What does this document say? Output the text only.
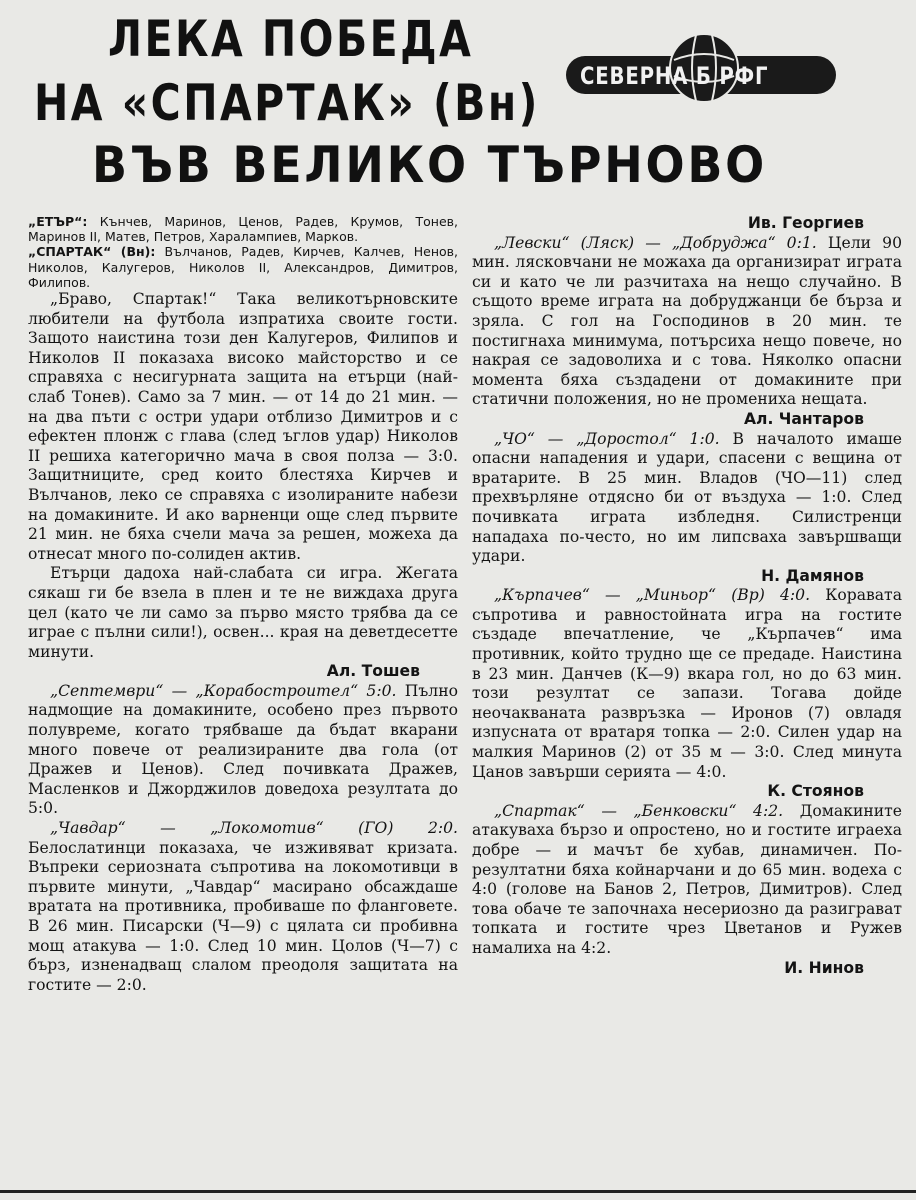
ЛЕКА ПОБЕДА
НА «СПАРТАК» (Вн)
ВЪВ ВЕЛИКО ТЪРНОВО
СЕВЕРНА Б РФГ

„ЕТЪР“: Кънчев, Маринов, Ценов, Радев, Крумов, Тонев, Маринов II, Матев, Петров, Харалампиев, Марков.

„СПАРТАК“ (Вн): Вълчанов, Радев, Кирчев, Калчев, Ненов, Николов, Калугеров, Николов II, Александров, Димитров, Филипов.

„Браво, Спартак!“ Така великотърновските любители на футбола изпратиха своите гости. Защото наистина този ден Калугеров, Филипов и Николов II показаха високо майсторство и се справяха с несигурната защита на етърци (най-слаб Тонев). Само за 7 мин. — от 14 до 21 мин. — на два пъти с остри удари отблизо Димитров и с ефектен плонж с глава (след ъглов удар) Николов II решиха категорично мача в своя полза — 3:0. Защитниците, сред които блестяха Кирчев и Вълчанов, леко се справяха с изолираните набези на домакините. И ако варненци още след първите 21 мин. не бяха счели мача за решен, можеха да отнесат много по-солиден актив.

Етърци дадоха най-слабата си игра. Жегата сякаш ги бе взела в плен и те не виждаха друга цел (като че ли само за първо място трябва да се играе с пълни сили!), освен... края на деветдесетте минути.

Ал. Тошев

„Септември“ — „Корабостроител“ 5:0. Пълно надмощие на домакините, особено през първото полувреме, когато трябваше да бъдат вкарани много повече от реализираните два гола (от Дражев и Ценов). След почивката Дражев, Масленков и Джорджилов доведоха резултата до 5:0.

„Чавдар“ — „Локомотив“ (ГО) 2:0. Белослатинци показаха, че изживяват кризата. Въпреки сериозната съпротива на локомотивци в първите минути, „Чавдар“ масирано обсаждаше вратата на противника, пробиваше по фланговете. В 26 мин. Писарски (Ч—9) с цялата си пробивна мощ атакува — 1:0. След 10 мин. Цолов (Ч—7) с бърз, изненадващ слалом преодоля защитата на гостите — 2:0.

Ив. Георгиев

„Левски“ (Ляск) — „Добруджа“ 0:1. Цели 90 мин. лясковчани не можаха да организират играта си и като че ли разчитаха на нещо случайно. В същото време играта на добруджанци бе бърза и зряла. С гол на Господинов в 20 мин. те постигнаха минимума, потърсиха нещо повече, но накрая се задоволиха и с това. Няколко опасни момента бяха създадени от домакините при статични положения, но не промениха нещата.

Ал. Чантаров

„ЧО“ — „Доростол“ 1:0. В началото имаше опасни нападения и удари, спасени с вещина от вратарите. В 25 мин. Владов (ЧО—11) след прехвърляне отдясно би от въздуха — 1:0. След почивката играта избледня. Силистренци нападаха по-често, но им липсваха завършващи удари.

Н. Дамянов

„Кърпачев“ — „Миньор“ (Вр) 4:0. Коравата съпротива и равностойната игра на гостите създаде впечатление, че „Кърпачев“ има противник, който трудно ще се предаде. Наистина в 23 мин. Данчев (К—9) вкара гол, но до 63 мин. този резултат се запази. Тогава дойде неочакваната развръзка — Иронов (7) овладя изпусната от вратаря топка — 2:0. Силен удар на малкия Маринов (2) от 35 м — 3:0. След минута Цанов завърши серията — 4:0.

К. Стоянов

„Спартак“ — „Бенковски“ 4:2. Домакините атакуваха бързо и опростено, но и гостите играеха добре — и мачът бе хубав, динамичен. По-резултатни бяха койнарчани и до 65 мин. водеха с 4:0 (голове на Банов 2, Петров, Димитров). След това обаче те започнаха несериозно да разиграват топката и гостите чрез Цветанов и Ружев намалиха на 4:2.

И. Нинов
